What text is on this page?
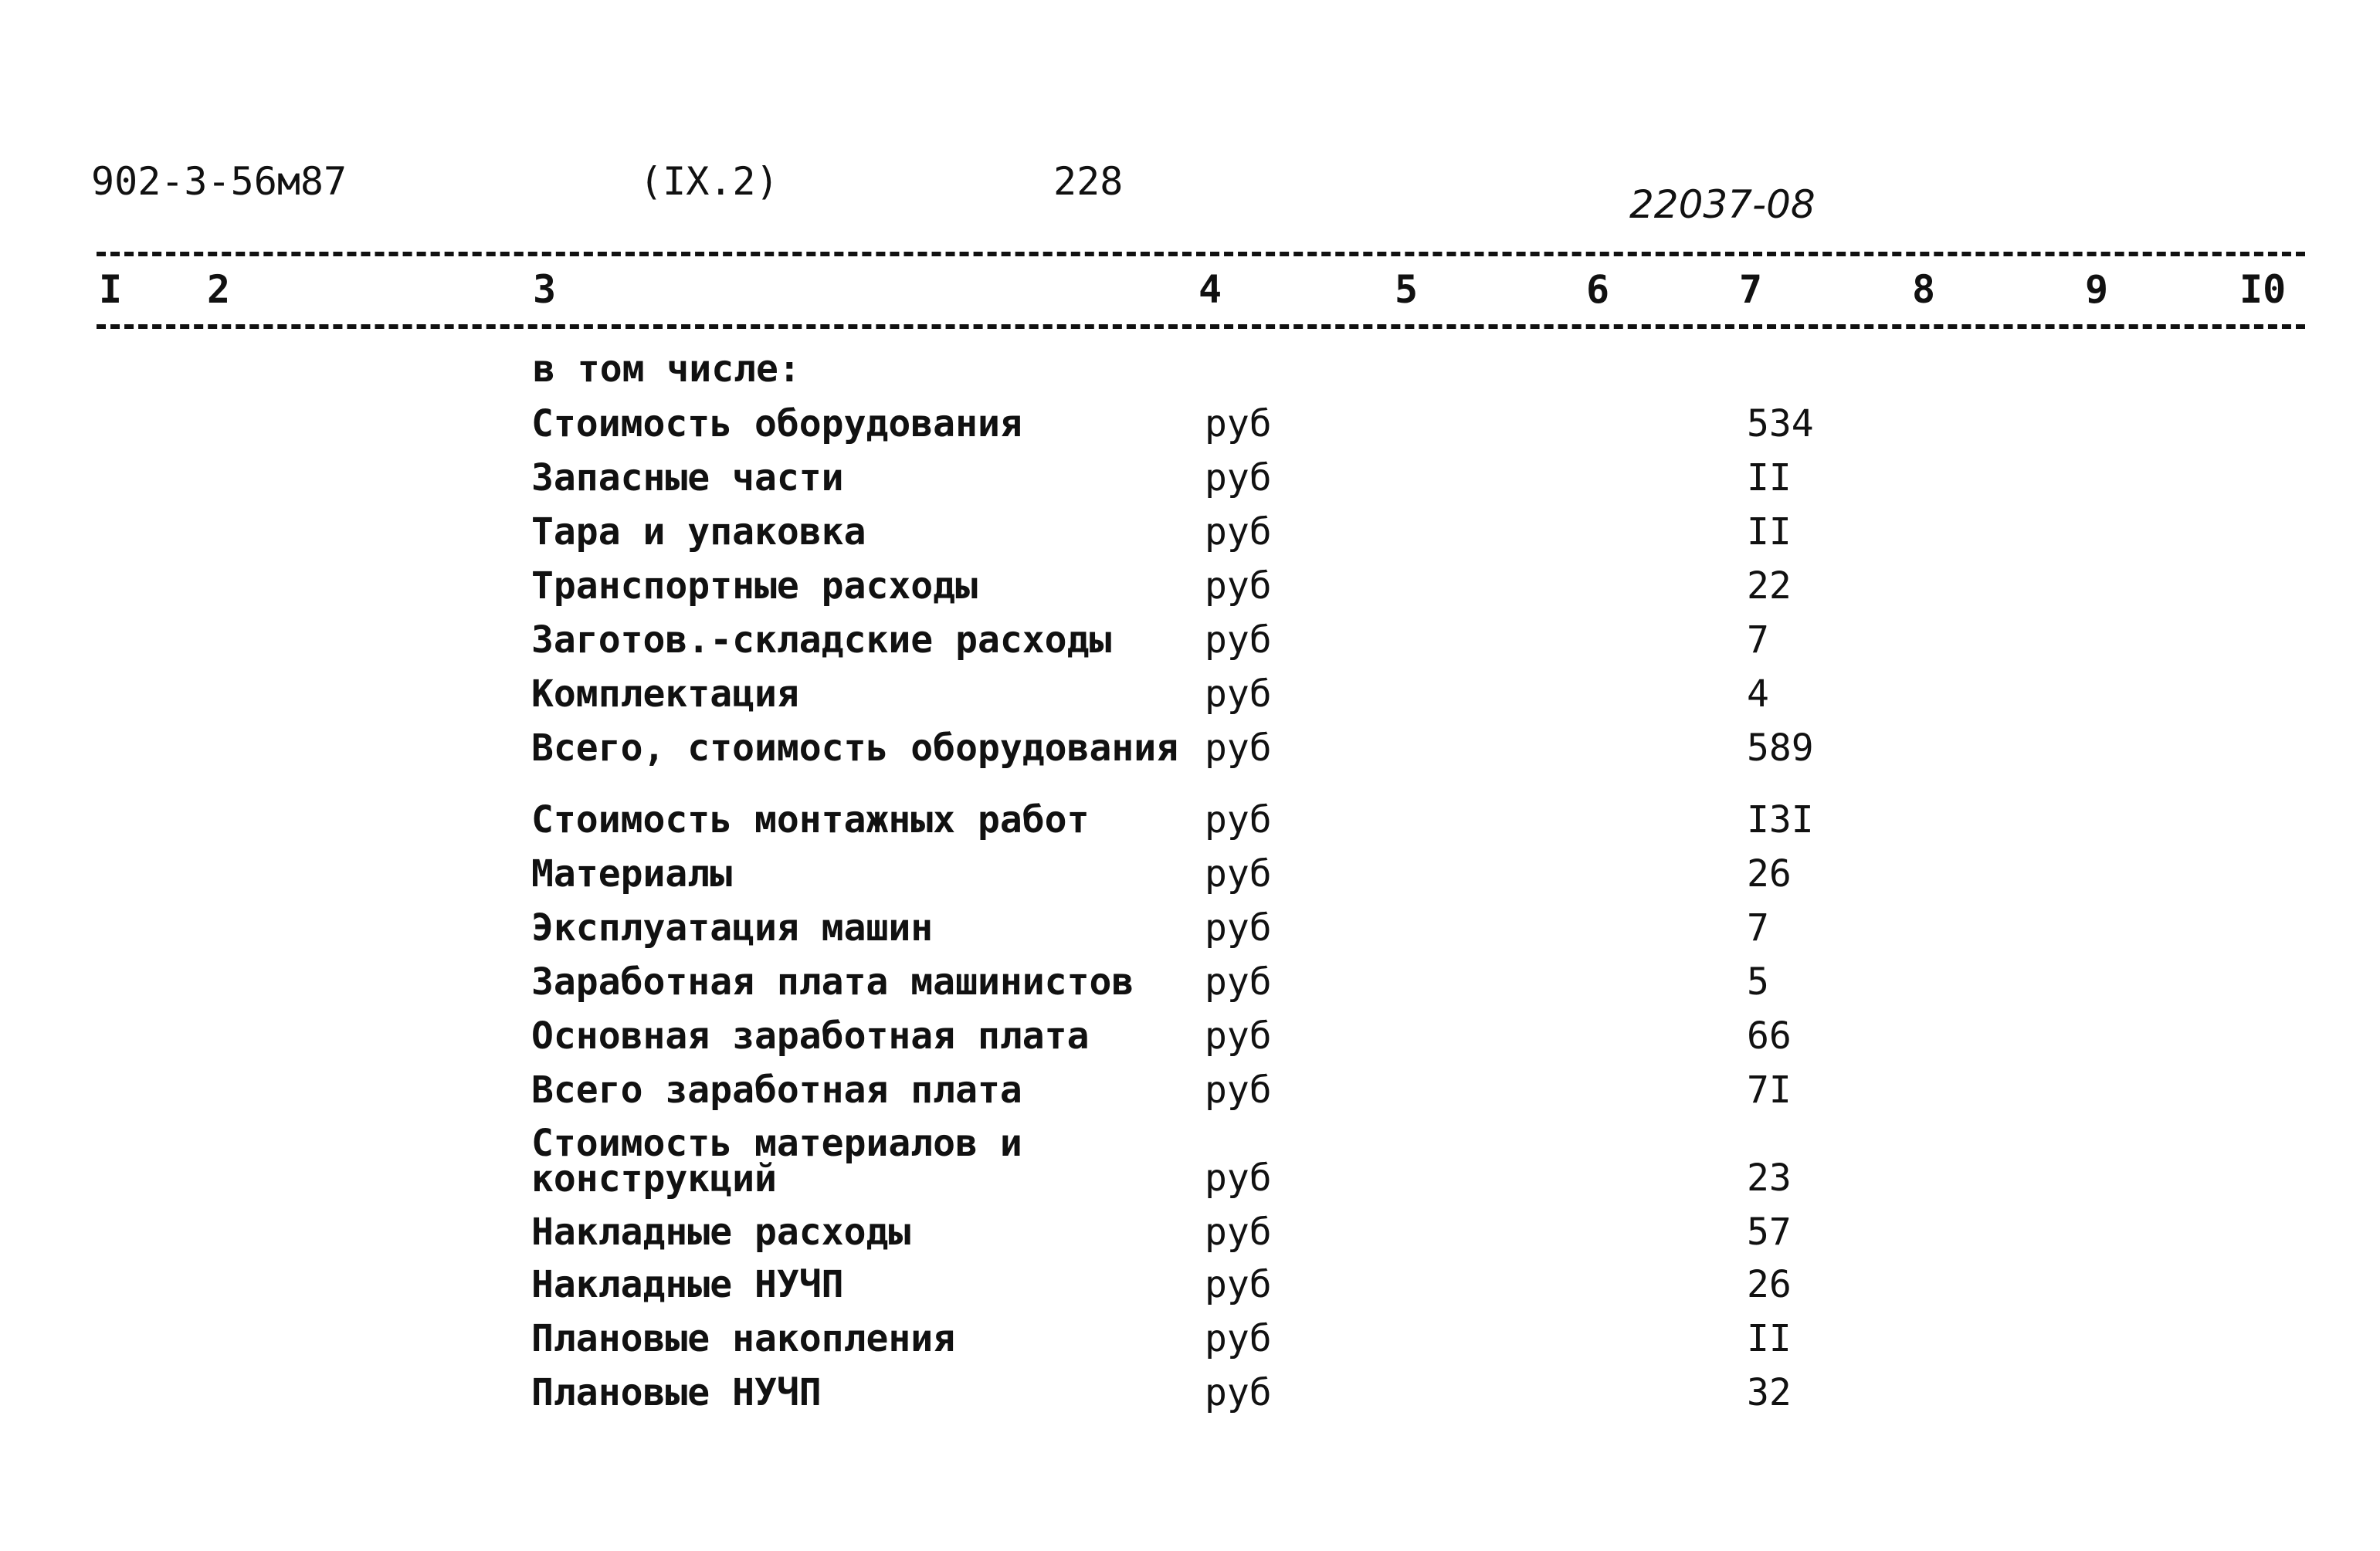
902-3-56м87	(IX.2)	228
22037-08
I 2	3	4	5	6	7	8	9	I0
в том числе:
Стоимость оборудования	руб	534
Запасные части	руб	II
Тара и упаковка	руб	II
Транспортные расходы	руб	22
Заготов.-складские расходы	руб	7
Комплектация	руб	4
Всего, стоимость оборудования руб	589
Стоимость монтажных работ	руб	I3I
Материалы	руб	26
Эксплуатация машин	руб	7
Заработная плата машинистов руб	5
Основная заработная плата	руб	66
Всего заработная плата	руб	7I
Стоимость материалов и
конструкций	руб	23
Накладные расходы	руб	57
Накладные НУЧП	руб	26
Плановые накопления	руб	II
Плановые НУЧП	руб	32
